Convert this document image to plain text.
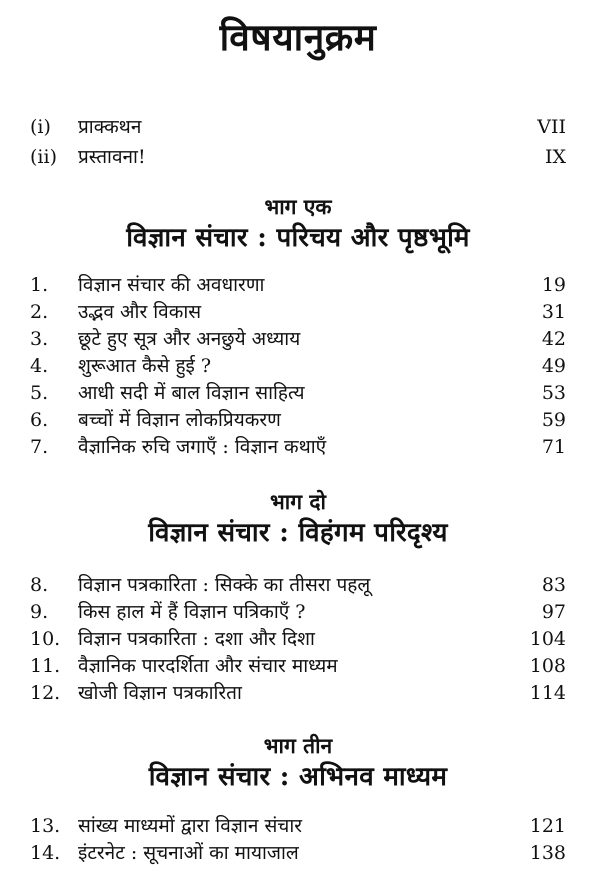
विषयानुक्रम
(i)	प्राक्कथन	VII
(ii)	प्रस्तावना!	IX
भाग एक
विज्ञान संचार : परिचय और पृष्ठभूमि
1.	विज्ञान संचार की अवधारणा	19
2.	उद्भव और विकास	31
3.	छूटे हुए सूत्र और अनछुये अध्याय	42
4.	शुरूआत कैसे हुई ?	49
5.	आधी सदी में बाल विज्ञान साहित्य	53
6.	बच्चों में विज्ञान लोकप्रियकरण	59
7.	वैज्ञानिक रुचि जगाएँ : विज्ञान कथाएँ	71
भाग दो
विज्ञान संचार : विहंगम परिदृश्य
8.	विज्ञान पत्रकारिता : सिक्के का तीसरा पहलू	83
9.	किस हाल में हैं विज्ञान पत्रिकाएँ ?	97
10. विज्ञान पत्रकारिता : दशा और दिशा	104
11. वैज्ञानिक पारदर्शिता और संचार माध्यम	108
12. खोजी विज्ञान पत्रकारिता	114
भाग तीन
विज्ञान संचार : अभिनव माध्यम
13. सांख्य माध्यमों द्वारा विज्ञान संचार	121
14. इंटरनेट : सूचनाओं का मायाजाल	138
